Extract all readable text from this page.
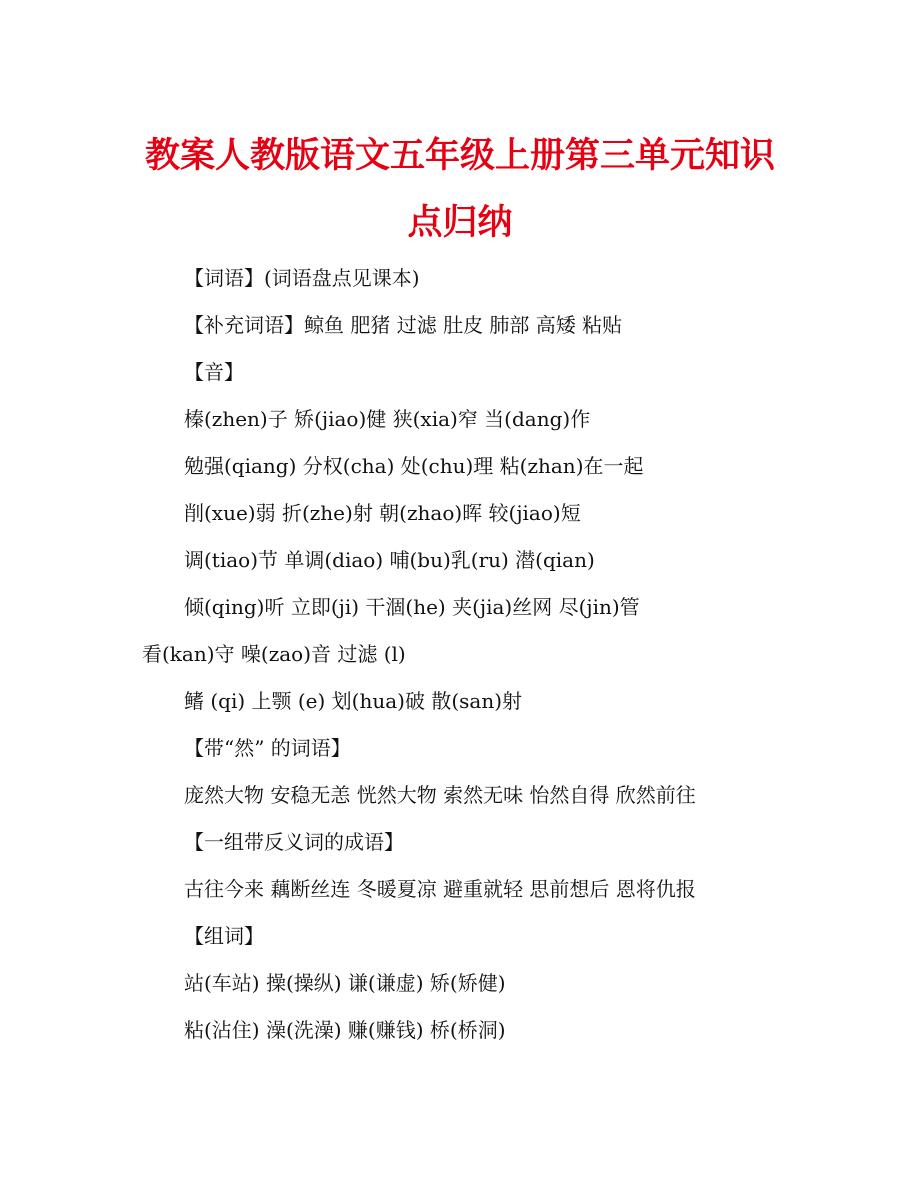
教案人教版语文五年级上册第三单元知识
点归纳
【词语】(词语盘点见课本)
【补充词语】鲸鱼 肥猪 过滤 肚皮 肺部 高矮 粘贴
【音】
榛(zhen)子 矫(jiao)健 狭(xia)窄 当(dang)作
勉强(qiang) 分权(cha) 处(chu)理 粘(zhan)在一起
削(xue)弱 折(zhe)射 朝(zhao)晖 较(jiao)短
调(tiao)节 单调(diao) 哺(bu)乳(ru) 潜(qian)
倾(qing)听 立即(ji) 干涸(he) 夹(jia)丝网 尽(jin)管
看(kan)守 噪(zao)音 过滤 (l)
鳍 (qi) 上颚 (e) 划(hua)破 散(san)射
【带“然” 的词语】
庞然大物 安稳无恙 恍然大物 索然无味 怡然自得 欣然前往
【一组带反义词的成语】
古往今来 藕断丝连 冬暖夏凉 避重就轻 思前想后 恩将仇报
【组词】
站(车站) 操(操纵) 谦(谦虚) 矫(矫健)
粘(沾住) 澡(洗澡) 赚(赚钱) 桥(桥洞)
